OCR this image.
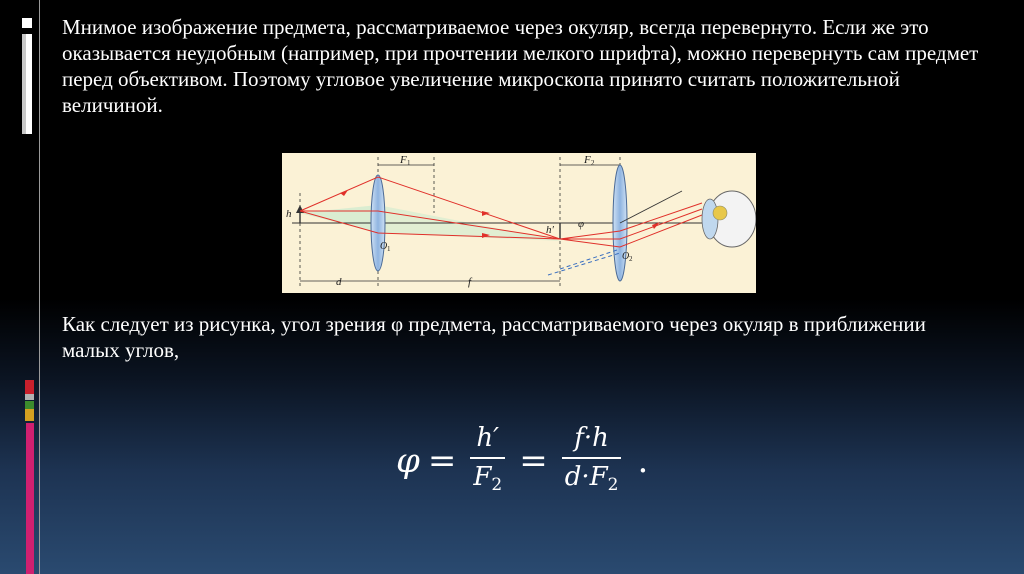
Мнимое изображение предмета, рассматриваемое через окуляр, всегда перевернуто. Если же это оказывается неудобным (например, при прочтении мелкого шрифта), можно перевернуть сам предмет перед объективом. Поэтому угловое увеличение микроскопа принято считать положительной величиной.

F 1	F 2
h
h′ φ
O 1
O 2
d	f

Как следует из рисунка, угол зрения φ предмета, рассматриваемого через окуляр в приближении малых углов,

$\varphi = \frac{h'}{F_2} = \frac{f\cdot h}{d\cdot F_2}$ .
